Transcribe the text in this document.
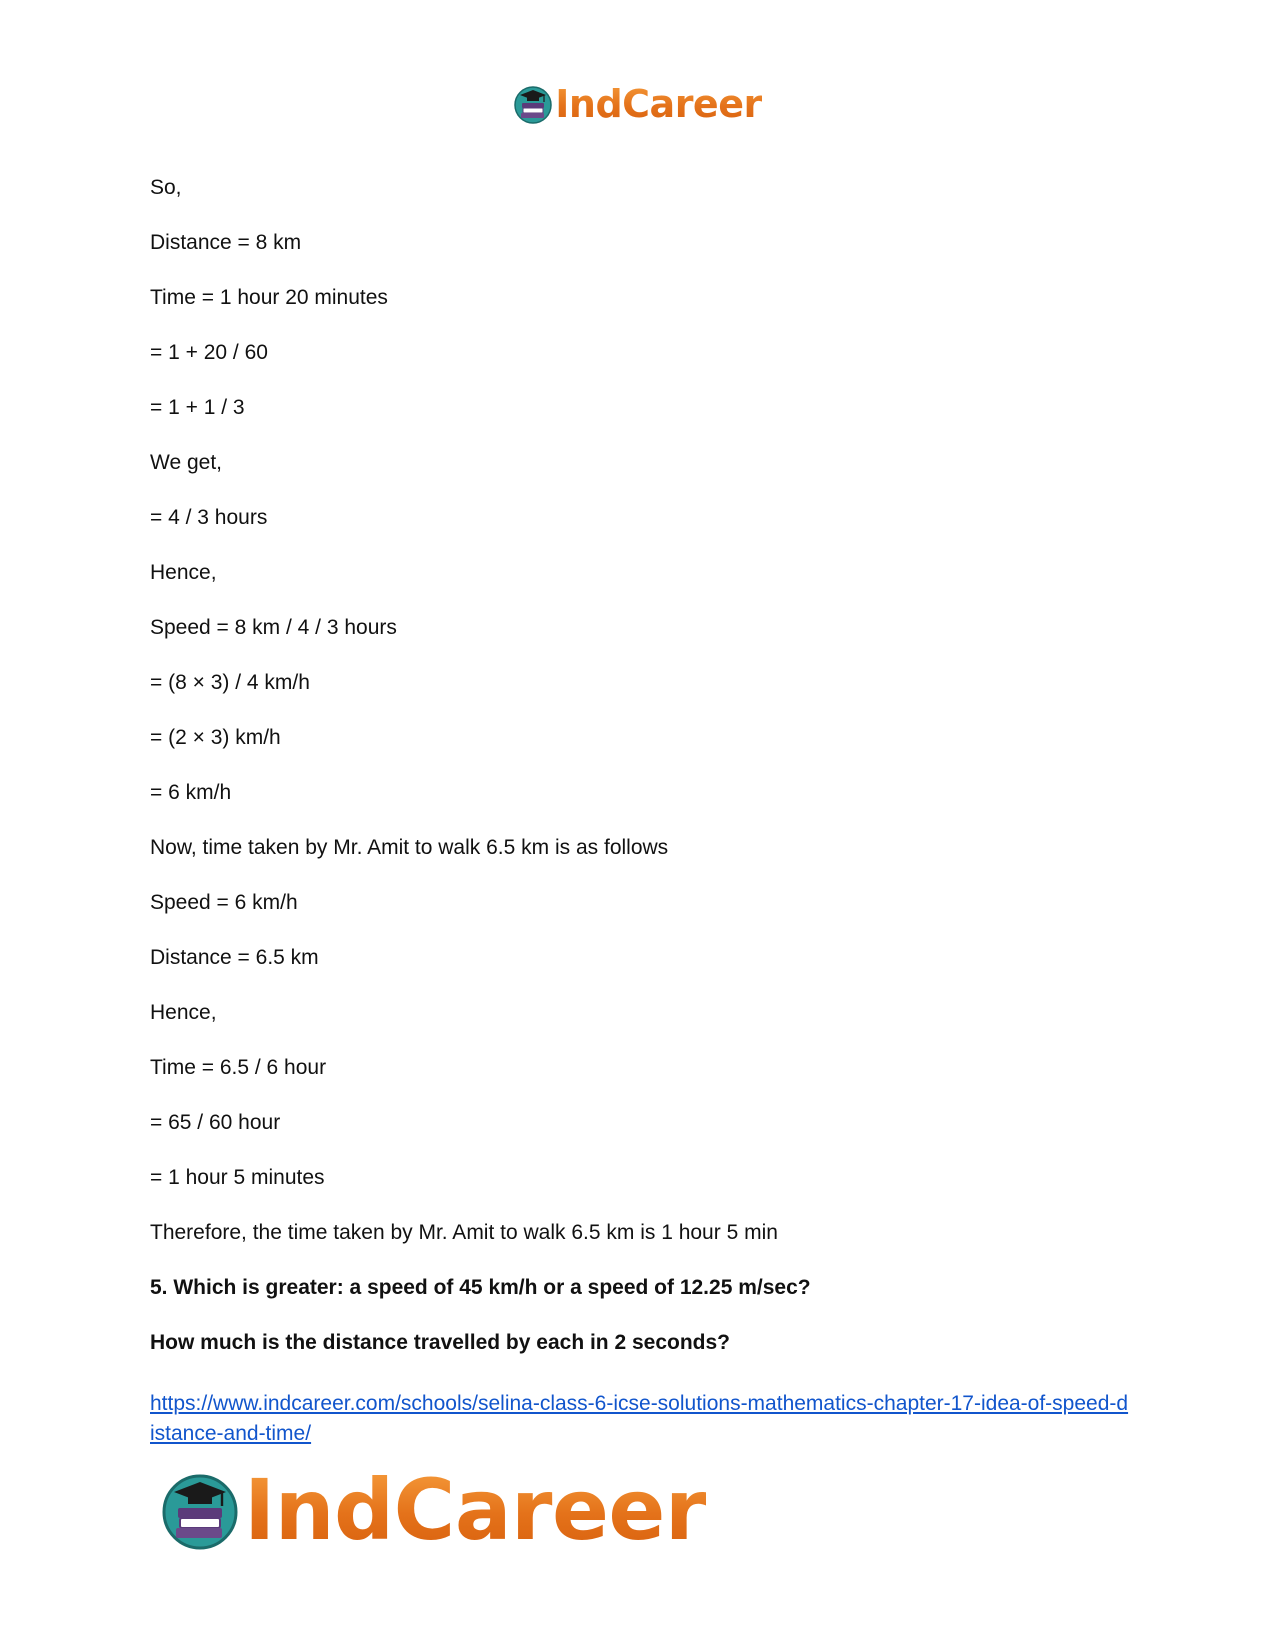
IndCareer
So,
Distance = 8 km
Time = 1 hour 20 minutes
= 1 + 20 / 60
= 1 + 1 / 3
We get,
= 4 / 3 hours
Hence,
Speed = 8 km / 4 / 3 hours
= (8 × 3) / 4 km/h
= (2 × 3) km/h
= 6 km/h
Now, time taken by Mr. Amit to walk 6.5 km is as follows
Speed = 6 km/h
Distance = 6.5 km
Hence,
Time = 6.5 / 6 hour
= 65 / 60 hour
= 1 hour 5 minutes
Therefore, the time taken by Mr. Amit to walk 6.5 km is 1 hour 5 min
5. Which is greater: a speed of 45 km/h or a speed of 12.25 m/sec?
How much is the distance travelled by each in 2 seconds?
https://www.indcareer.com/schools/selina-class-6-icse-solutions-mathematics-chapter-17-idea-of-speed-distance-and-time/
IndCareer
